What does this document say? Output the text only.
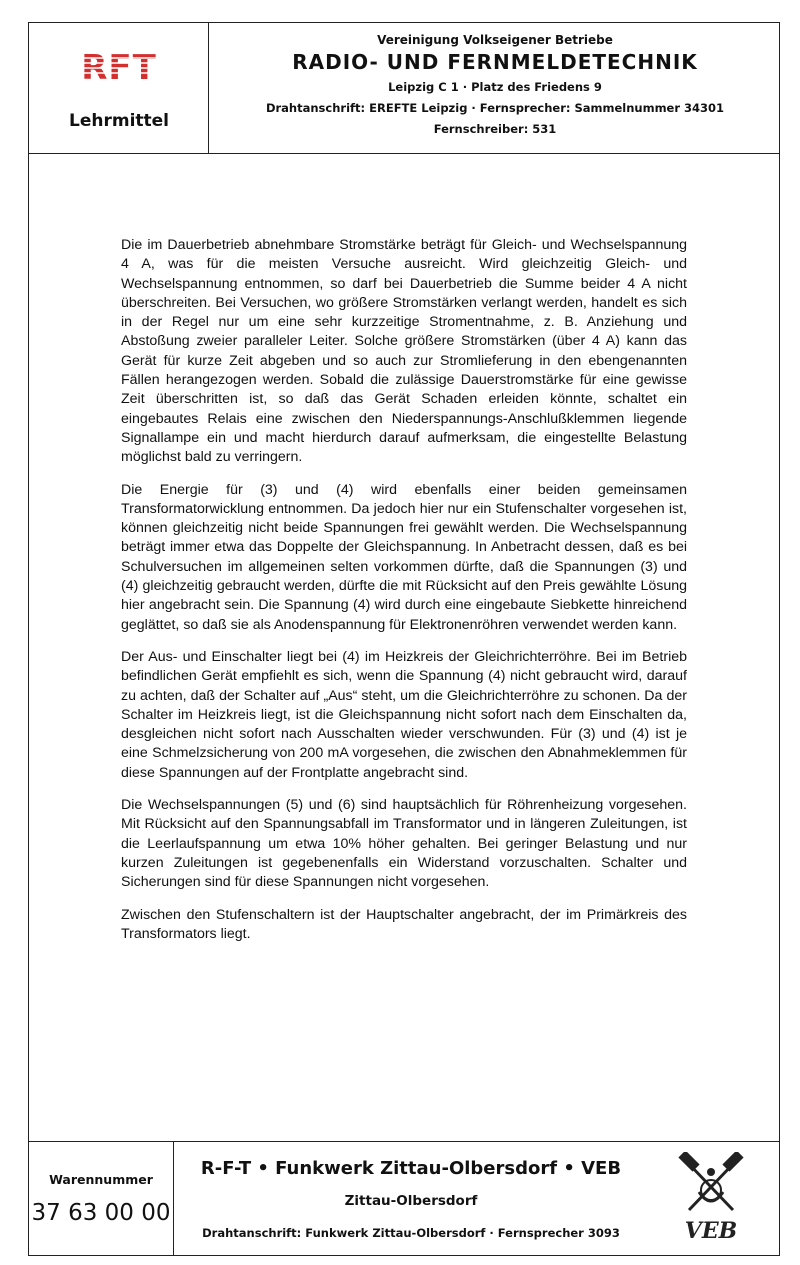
RFT
Lehrmittel
Vereinigung Volkseigener Betriebe
RADIO- UND FERNMELDETECHNIK
Leipzig C 1 · Platz des Friedens 9
Drahtanschrift: EREFTE Leipzig · Fernsprecher: Sammelnummer 34301
Fernschreiber: 531

Die im Dauerbetrieb abnehmbare Stromstärke beträgt für Gleich- und Wechselspannung 4 A, was für die meisten Versuche ausreicht. Wird gleichzeitig Gleich- und Wechselspannung entnommen, so darf bei Dauerbetrieb die Summe beider 4 A nicht überschreiten. Bei Versuchen, wo größere Stromstärken verlangt werden, handelt es sich in der Regel nur um eine sehr kurzzeitige Stromentnahme, z. B. Anziehung und Abstoßung zweier paralleler Leiter. Solche größere Stromstärken (über 4 A) kann das Gerät für kurze Zeit abgeben und so auch zur Stromlieferung in den ebengenannten Fällen herangezogen werden. Sobald die zulässige Dauerstromstärke für eine gewisse Zeit überschritten ist, so daß das Gerät Schaden erleiden könnte, schaltet ein eingebautes Relais eine zwischen den Niederspannungs-Anschlußklemmen liegende Signallampe ein und macht hierdurch darauf aufmerksam, die eingestellte Belastung möglichst bald zu verringern.

Die Energie für (3) und (4) wird ebenfalls einer beiden gemeinsamen Transformatorwicklung entnommen. Da jedoch hier nur ein Stufenschalter vorgesehen ist, können gleichzeitig nicht beide Spannungen frei gewählt werden. Die Wechselspannung beträgt immer etwa das Doppelte der Gleichspannung. In Anbetracht dessen, daß es bei Schulversuchen im allgemeinen selten vorkommen dürfte, daß die Spannungen (3) und (4) gleichzeitig gebraucht werden, dürfte die mit Rücksicht auf den Preis gewählte Lösung hier angebracht sein. Die Spannung (4) wird durch eine eingebaute Siebkette hinreichend geglättet, so daß sie als Anodenspannung für Elektronenröhren verwendet werden kann.

Der Aus- und Einschalter liegt bei (4) im Heizkreis der Gleichrichterröhre. Bei im Betrieb befindlichen Gerät empfiehlt es sich, wenn die Spannung (4) nicht gebraucht wird, darauf zu achten, daß der Schalter auf „Aus“ steht, um die Gleichrichterröhre zu schonen. Da der Schalter im Heizkreis liegt, ist die Gleichspannung nicht sofort nach dem Einschalten da, desgleichen nicht sofort nach Ausschalten wieder verschwunden. Für (3) und (4) ist je eine Schmelzsicherung von 200 mA vorgesehen, die zwischen den Abnahmeklemmen für diese Spannungen auf der Frontplatte angebracht sind.

Die Wechselspannungen (5) und (6) sind hauptsächlich für Röhrenheizung vorgesehen. Mit Rücksicht auf den Spannungsabfall im Transformator und in längeren Zuleitungen, ist die Leerlaufspannung um etwa 10% höher gehalten. Bei geringer Belastung und nur kurzen Zuleitungen ist gegebenenfalls ein Widerstand vorzuschalten. Schalter und Sicherungen sind für diese Spannungen nicht vorgesehen.

Zwischen den Stufenschaltern ist der Hauptschalter angebracht, der im Primärkreis des Transformators liegt.

Warennummer
37 63 00 00
R-F-T • Funkwerk Zittau-Olbersdorf • VEB
Zittau-Olbersdorf
Drahtanschrift: Funkwerk Zittau-Olbersdorf · Fernsprecher 3093	VEB
